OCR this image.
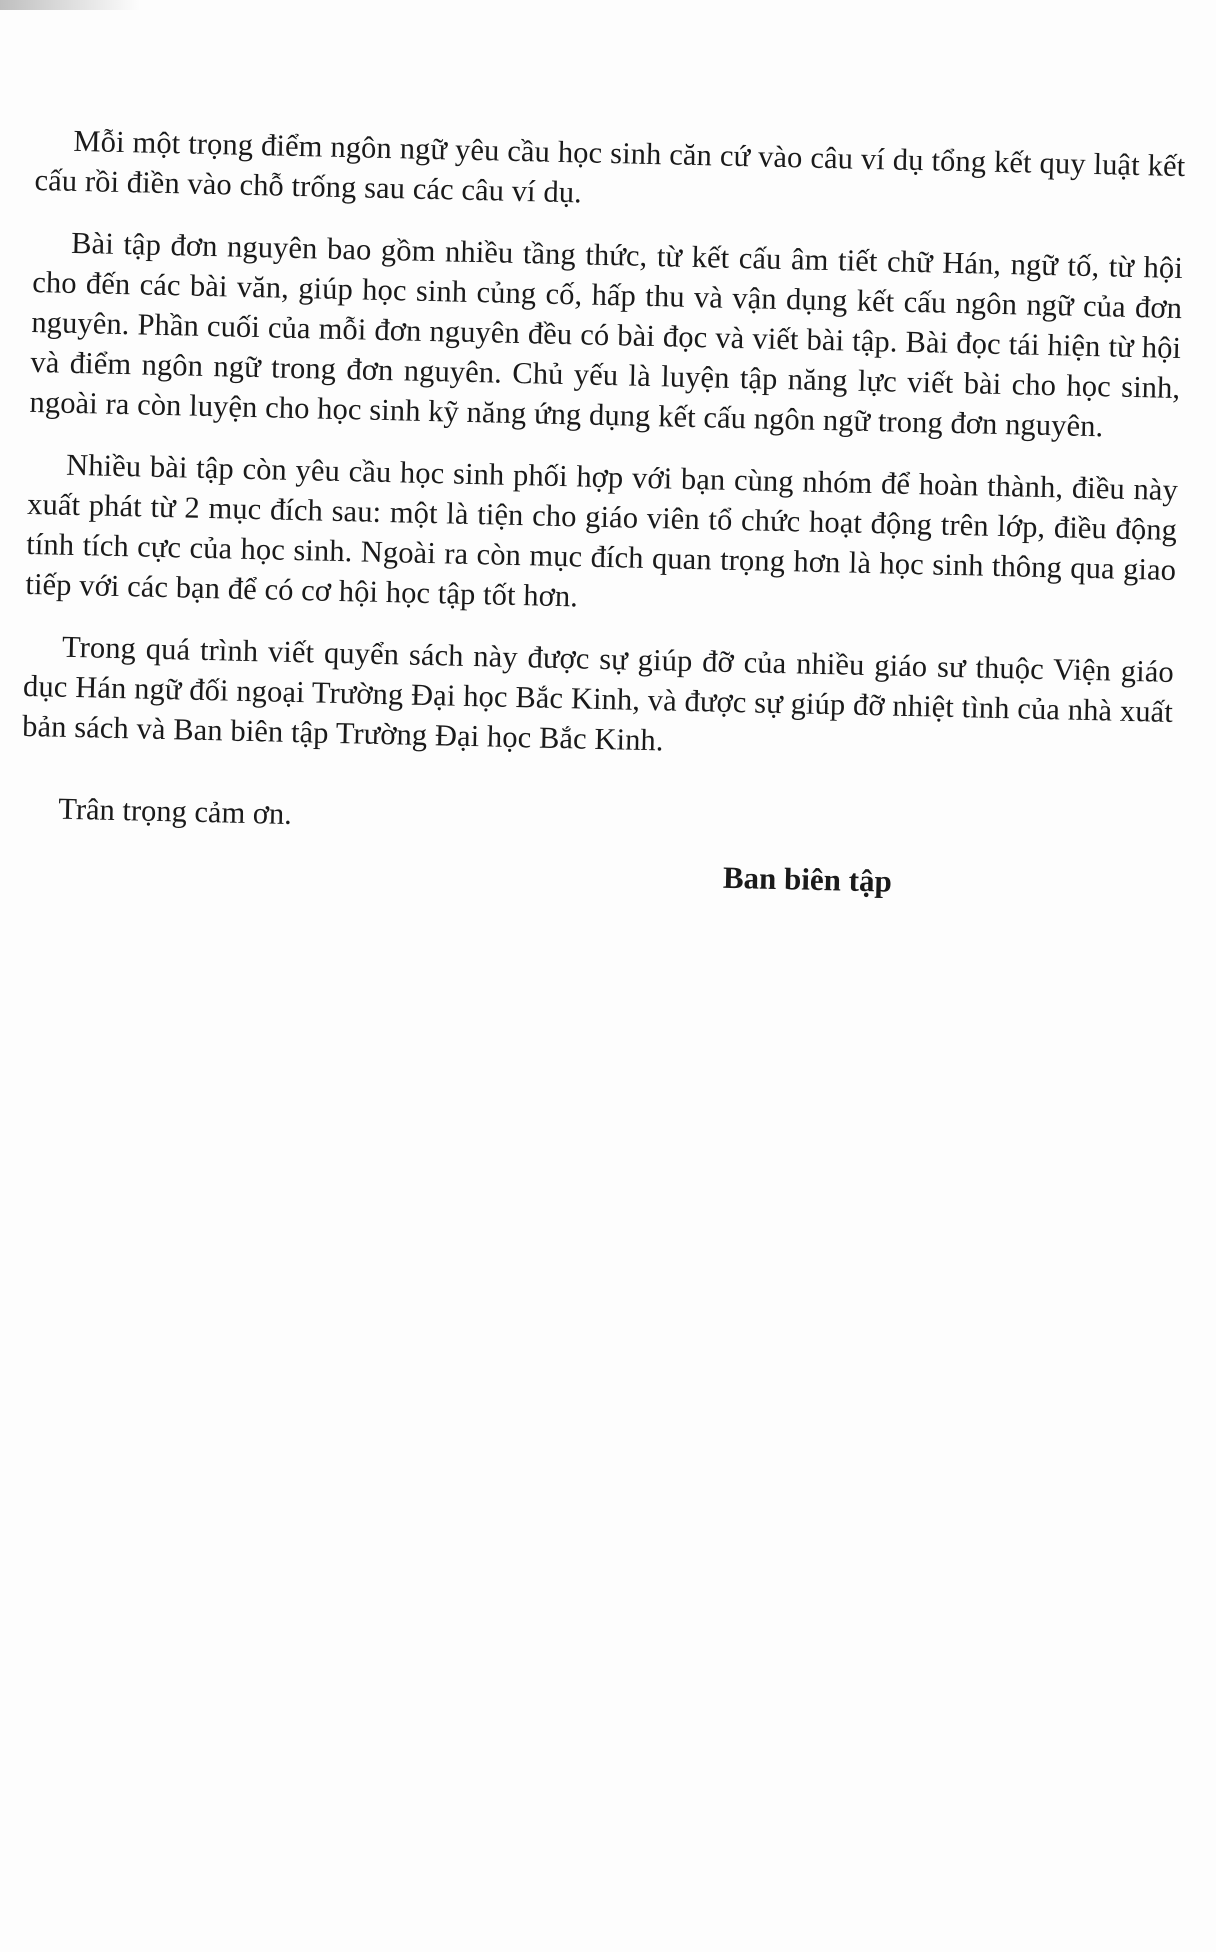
Mỗi một trọng điểm ngôn ngữ yêu cầu học sinh căn cứ vào câu ví dụ tổng kết quy luật kết cấu rồi điền vào chỗ trống sau các câu ví dụ.

Bài tập đơn nguyên bao gồm nhiều tầng thức, từ kết cấu âm tiết chữ Hán, ngữ tố, từ hội cho đến các bài văn, giúp học sinh củng cố, hấp thu và vận dụng kết cấu ngôn ngữ của đơn nguyên. Phần cuối của mỗi đơn nguyên đều có bài đọc và viết bài tập. Bài đọc tái hiện từ hội và điểm ngôn ngữ trong đơn nguyên. Chủ yếu là luyện tập năng lực viết bài cho học sinh, ngoài ra còn luyện cho học sinh kỹ năng ứng dụng kết cấu ngôn ngữ trong đơn nguyên.

Nhiều bài tập còn yêu cầu học sinh phối hợp với bạn cùng nhóm để hoàn thành, điều này xuất phát từ 2 mục đích sau: một là tiện cho giáo viên tổ chức hoạt động trên lớp, điều động tính tích cực của học sinh. Ngoài ra còn mục đích quan trọng hơn là học sinh thông qua giao tiếp với các bạn để có cơ hội học tập tốt hơn.

Trong quá trình viết quyển sách này được sự giúp đỡ của nhiều giáo sư thuộc Viện giáo dục Hán ngữ đối ngoại Trường Đại học Bắc Kinh, và được sự giúp đỡ nhiệt tình của nhà xuất bản sách và Ban biên tập Trường Đại học Bắc Kinh.

Trân trọng cảm ơn.

Ban biên tập
